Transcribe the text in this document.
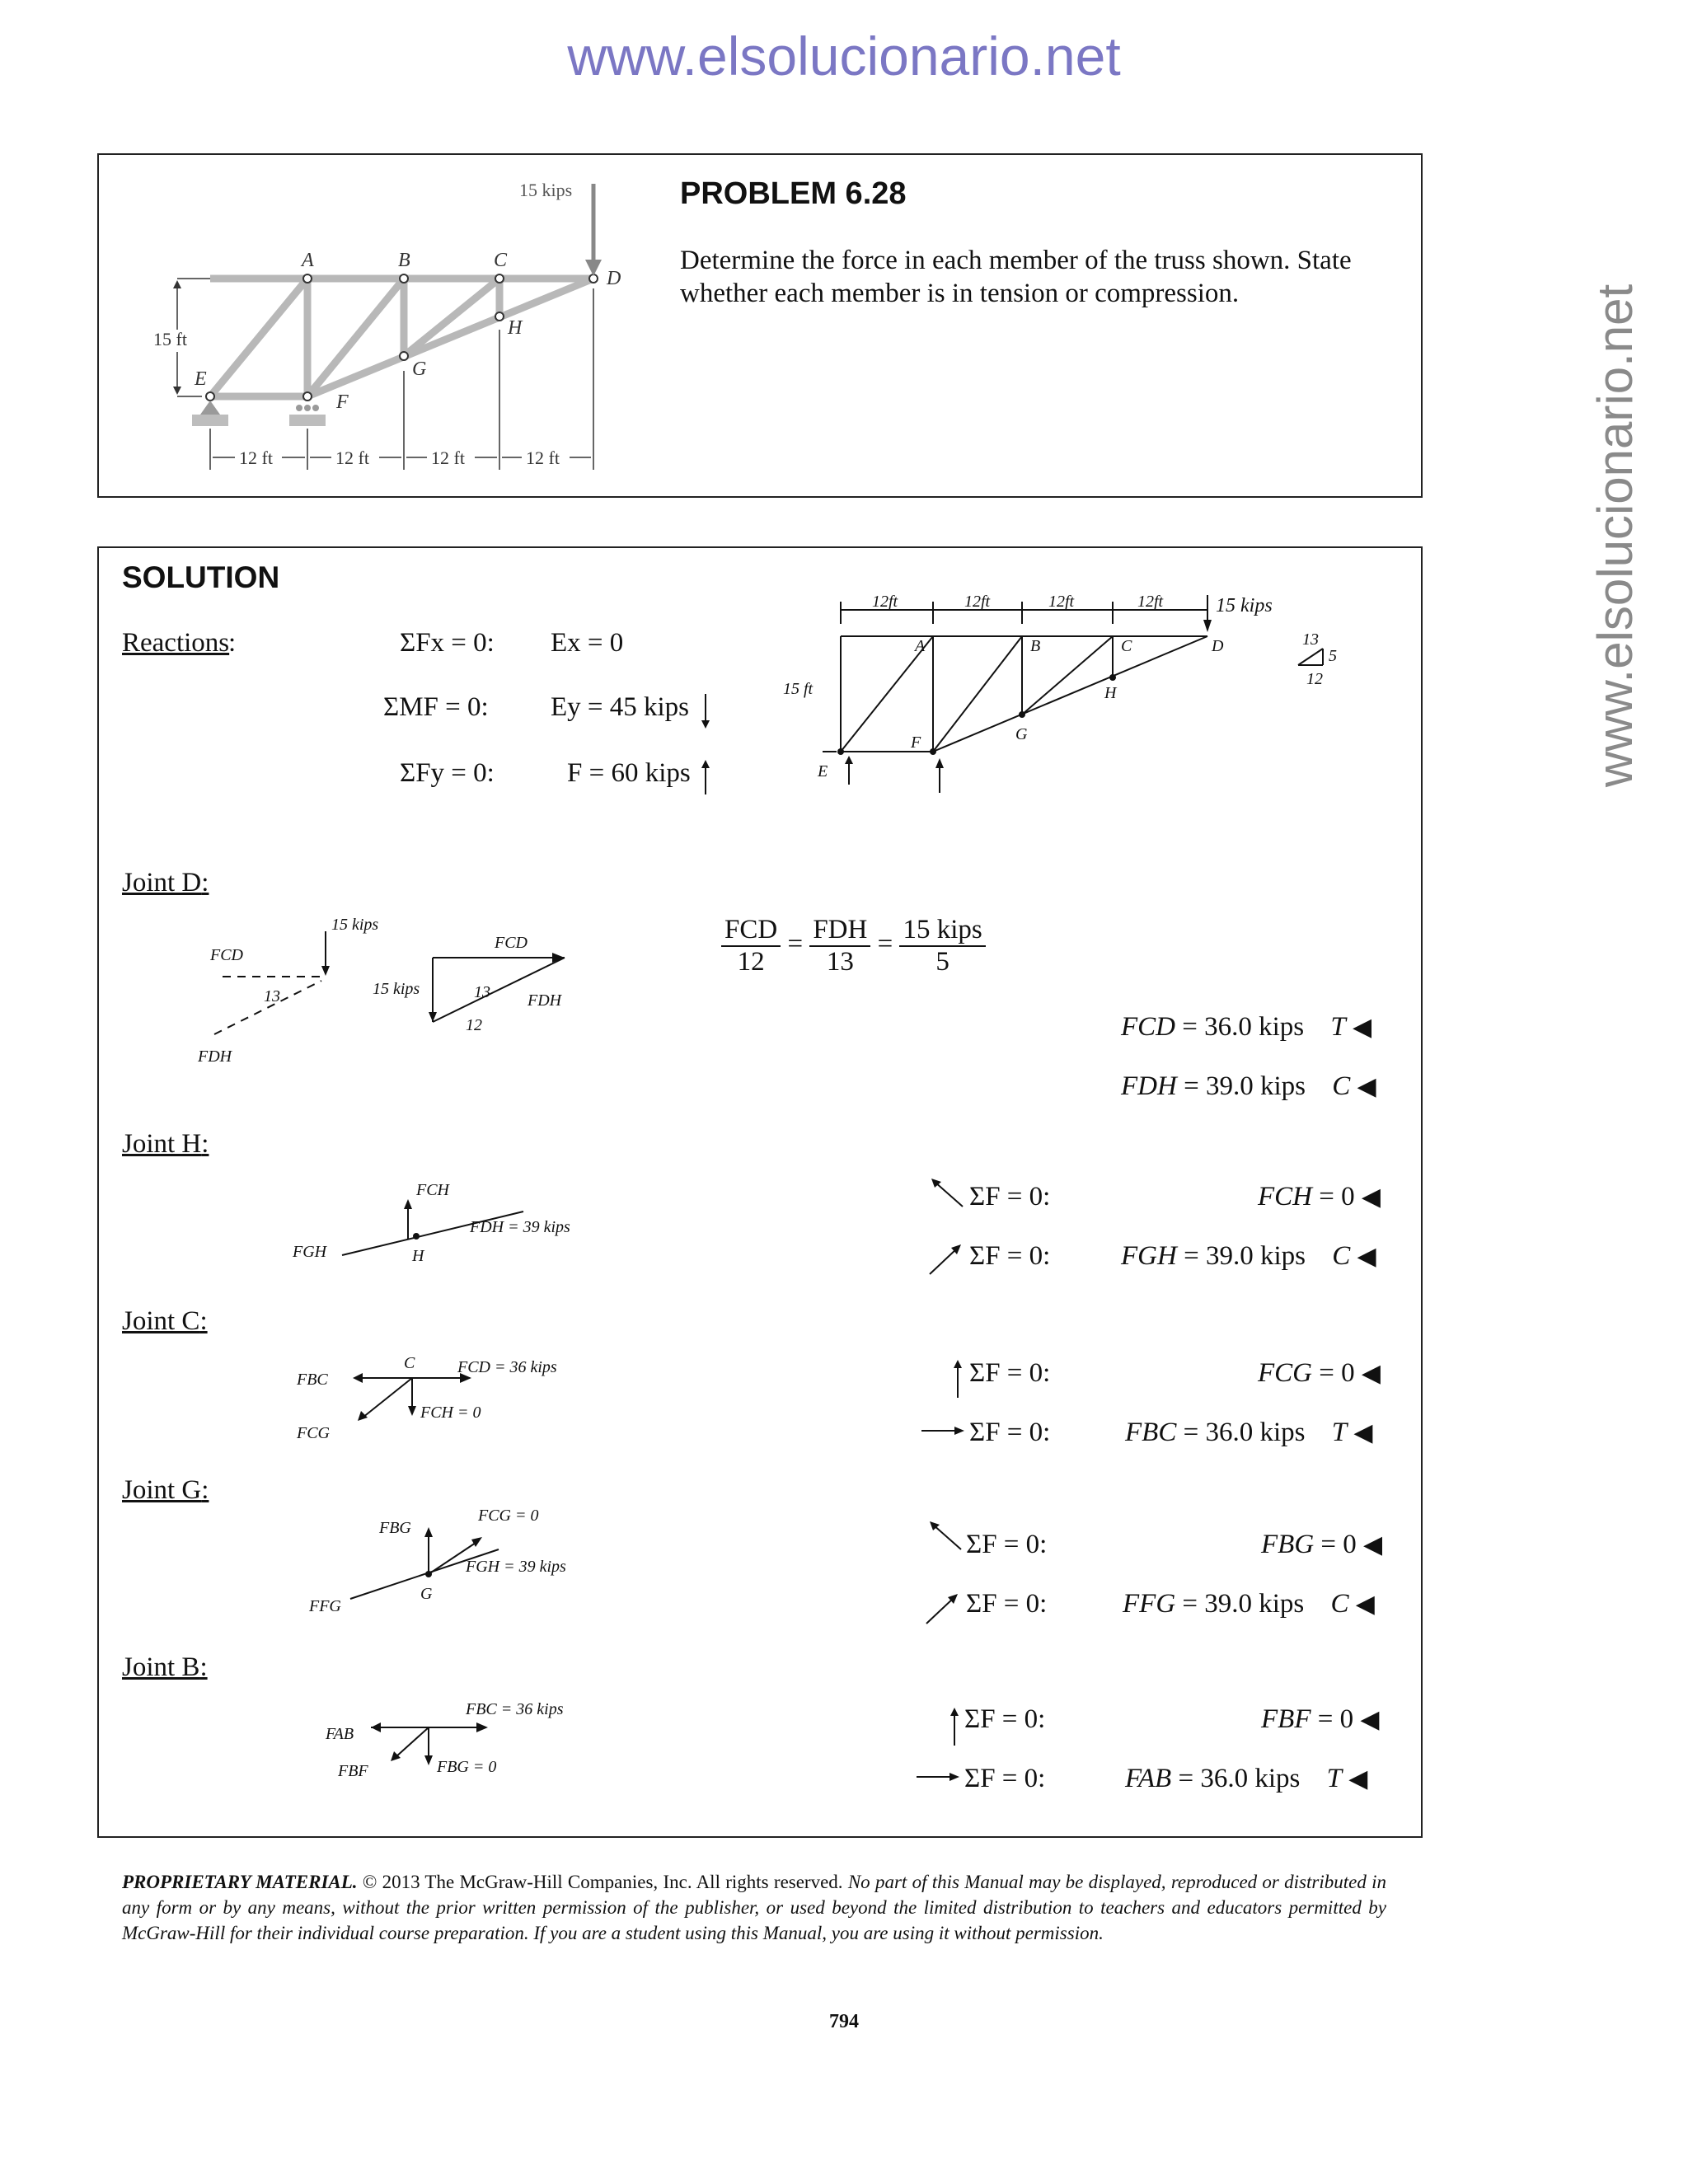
www.elsolucionario.net
www.elsolucionario.net
15 kips
A	B	C
D
E
F
G
H
15 ft
12 ft	12 ft	12 ft	12 ft
PROBLEM 6.28
Determine the force in each member of the truss shown. State whether each member is in tension or compression.
SOLUTION
Reactions
:	ΣFx = 0: Ex = 0
ΣMF = 0: Ey = 45 kips
ΣFy = 0:	F = 60 kips
12ft	12ft	12ft	12ft	15 kips
15 ft
13
5
12
A	B	C	D
E
F	G
H
Joint D:
FCD
FDH
15 kips
FCD
FDH
15 kips
13	13
12
$\frac{\text{FCD}}{12} = \frac{\text{FDH}}{13} = \frac{\text{15 kips}}{5}$
FCD = 36.0 kips T ◀
FDH = 39.0 kips C ◀
Joint H:
FCH
FGH
FDH = 39 kips
H
ΣF = 0:	FCH = 0 ◀
ΣF = 0:	FGH = 39.0 kips C ◀
Joint C:
FBC
FCD = 36 kips
FCH = 0
FCG
C	ΣF = 0:	FCG = 0 ◀
ΣF = 0:	FBC = 36.0 kips T ◀
Joint G:
FBG
FCG = 0
FGH = 39 kips
FFG
G
ΣF = 0:	FBG = 0 ◀
ΣF = 0:	FFG = 39.0 kips C ◀
Joint B:
FAB
FBC = 36 kips
FBF	FBG = 0
ΣF = 0:	FBF = 0 ◀
ΣF = 0:	FAB = 36.0 kips T ◀
PROPRIETARY MATERIAL. © 2013 The McGraw-Hill Companies, Inc. All rights reserved. No part of this Manual may be displayed, reproduced or distributed in any form or by any means, without the prior written permission of the publisher, or used beyond the limited distribution to teachers and educators permitted by McGraw-Hill for their individual course preparation. If you are a student using this Manual, you are using it without permission.
794
